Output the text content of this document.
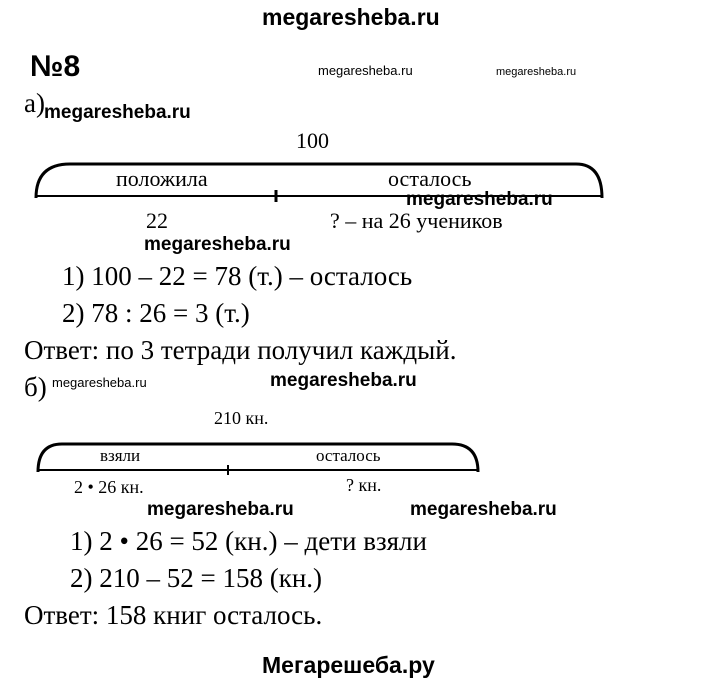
megaresheba.ru
megaresheba.ru	megaresheba.ru
megaresheba.ru
megaresheba.ru
megaresheba.ru
megaresheba.ru	megaresheba.ru
megaresheba.ru	megaresheba.ru
Мегарешеба.ру
№8
а)
100
положила	осталось
22	? – на 26 учеников
1) 100 – 22 = 78 (т.) – осталось
2) 78 : 26 = 3 (т.)
Ответ: по 3 тетради получил каждый.
б)
210 кн.
взяли	осталось
2 • 26 кн.	? кн.
1) 2 • 26 = 52 (кн.) – дети взяли
2) 210 – 52 = 158 (кн.)
Ответ: 158 книг осталось.
